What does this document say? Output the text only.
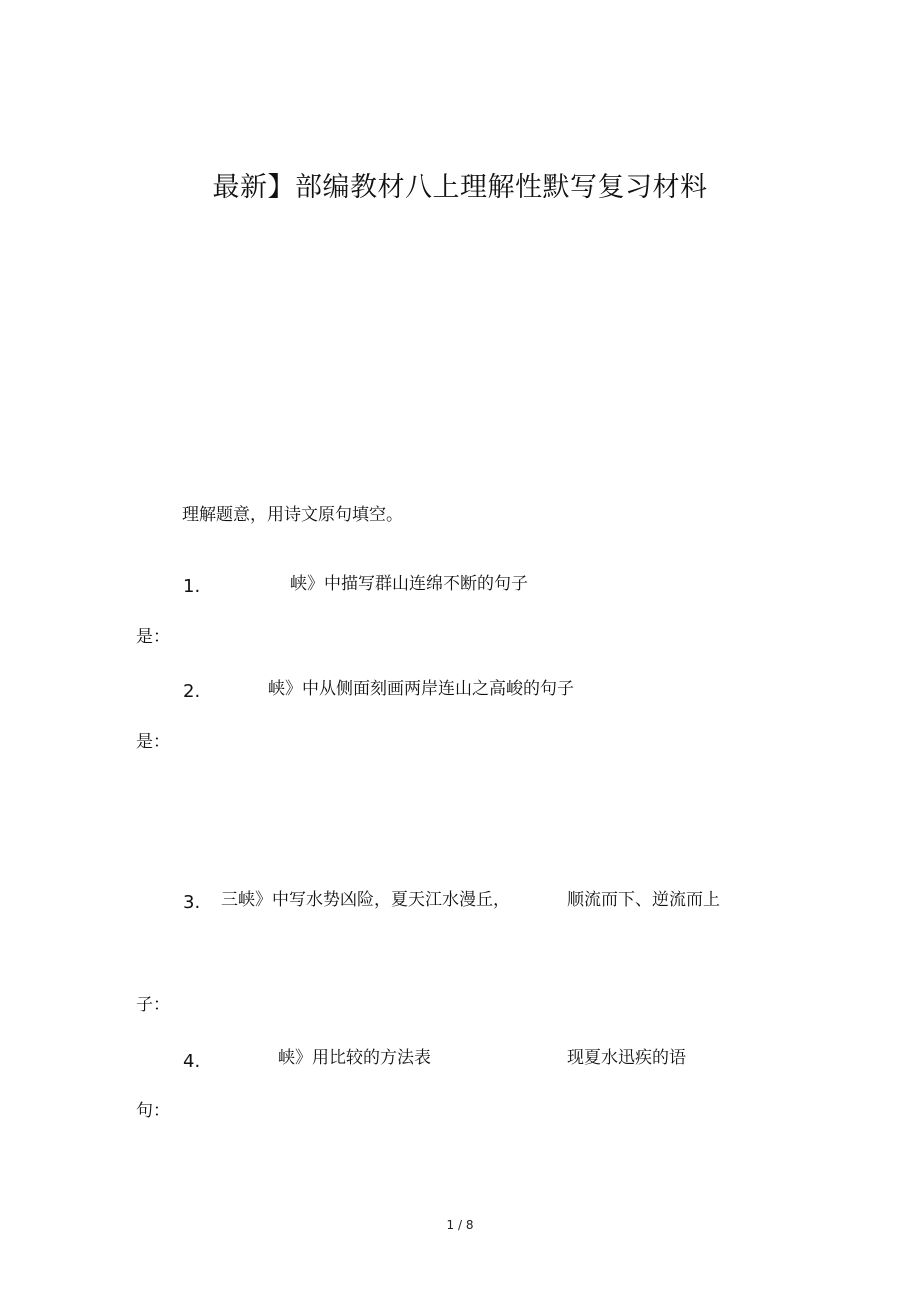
最新】部编教材八上理解性默写复习材料

理解题意，用诗文原句填空。

1.	峡》中描写群山连绵不断的句子
是：
2.	峡》中从侧面刻画两岸连山之高峻的句子
是：
3. 三峡》中写水势凶险，夏天江水漫丘，	顺流而下、逆流而上
子：
4.	峡》用比较的方法表	现夏水迅疾的语
句：
1 / 8
